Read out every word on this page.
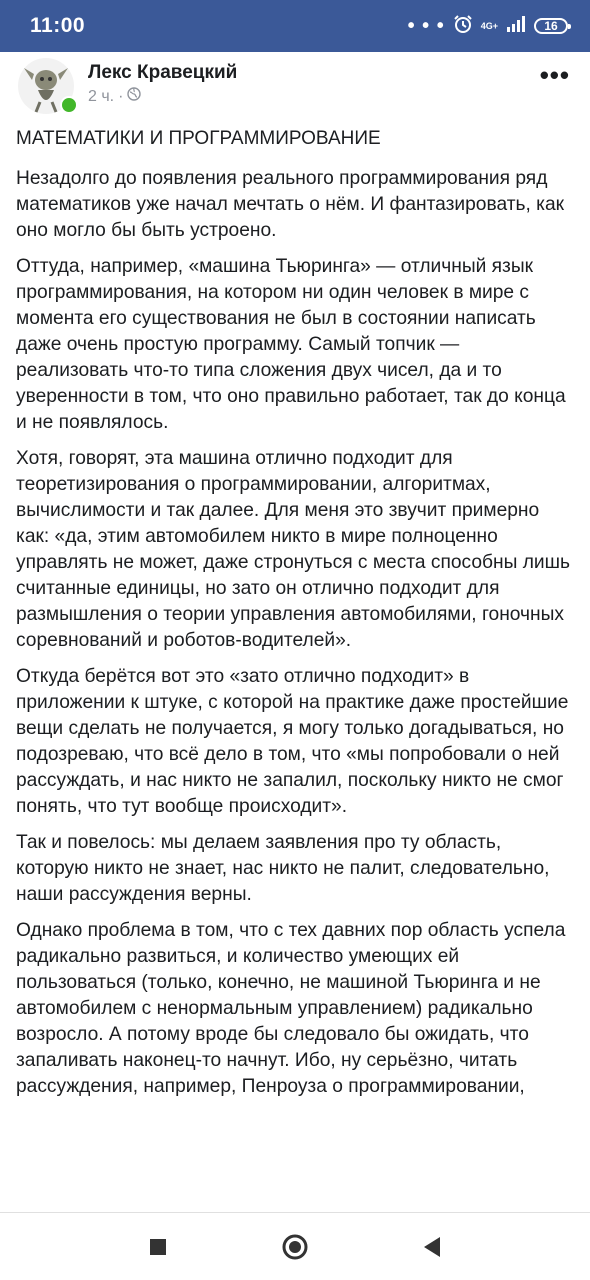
11:00	• • •	4G+	16
Лекс Кравецкий
2 ч. ·
•••
МАТЕМАТИКИ И ПРОГРАММИРОВАНИЕ

Незадолго до появления реального программирования ряд математиков уже начал мечтать о нём. И фантазировать, как оно могло бы быть устроено.

Оттуда, например, «машина Тьюринга» — отличный язык программирования, на котором ни один человек в мире с момента его существования не был в состоянии написать даже очень простую программу. Самый топчик — реализовать что-то типа сложения двух чисел, да и то уверенности в том, что оно правильно работает, так до конца и не появлялось.

Хотя, говорят, эта машина отлично подходит для теоретизирования о программировании, алгоритмах, вычислимости и так далее. Для меня это звучит примерно как: «да, этим автомобилем никто в мире полноценно управлять не может, даже стронуться с места способны лишь считанные единицы, но зато он отлично подходит для размышления о теории управления автомобилями, гоночных соревнований и роботов-водителей».

Откуда берётся вот это «зато отлично подходит» в приложении к штуке, с которой на практике даже простейшие вещи сделать не получается, я могу только догадываться, но подозреваю, что всё дело в том, что «мы попробовали о ней рассуждать, и нас никто не запалил, поскольку никто не смог понять, что тут вообще происходит».

Так и повелось: мы делаем заявления про ту область, которую никто не знает, нас никто не палит, следовательно, наши рассуждения верны.

Однако проблема в том, что с тех давних пор область успела радикально развиться, и количество умеющих ей пользоваться (только, конечно, не машиной Тьюринга и не автомобилем с ненормальным управлением) радикально возросло. А потому вроде бы следовало бы ожидать, что запаливать наконец-то начнут. Ибо, ну серьёзно, читать рассуждения, например, Пенроуза о программировании,
